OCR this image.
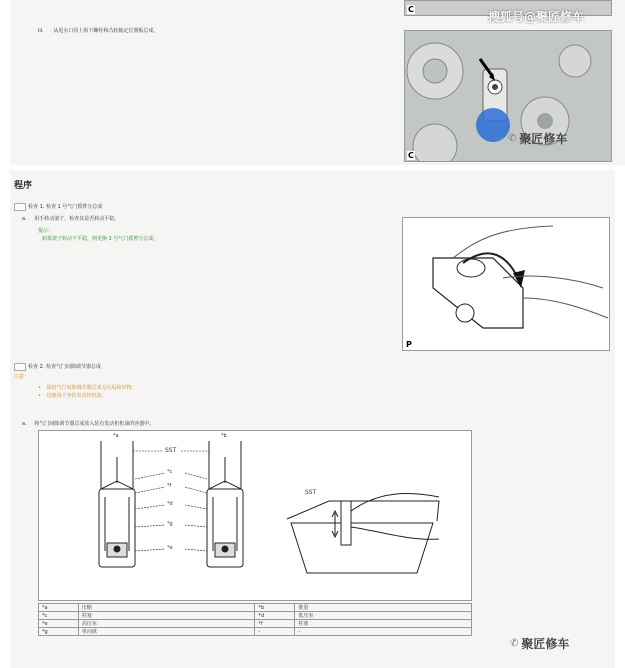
iii. 从进水口同上拆下螺栓和凸轮轴定位器板总成。
C
C
搜狐号@聚匠修车
✆ 聚匠修车
程序
检查 1. 检查 1 号气门摇臂分总成
a. 用手转动滚子，检查其是否转动平稳。
提示：
如果滚子转动不平稳，则更换 1 号气门摇臂分总成。
P
检查 2. 检查气门间隙调节器总成
注意：
• 保持气门间隙调节器总成无污垢和异物。
• 仅使用干净的发动机机油。
a. 将气门间隙调节器总成放入装有发动机机油的容器中。
*a	*b
SST
*c
*f
*d
*g
*e
SST
*a	压缩	*b	推进
*c	柱塞	*d	低压室
*e	高压室	*f	柱塞
*g	单向球	-	-
✆ 聚匠修车
